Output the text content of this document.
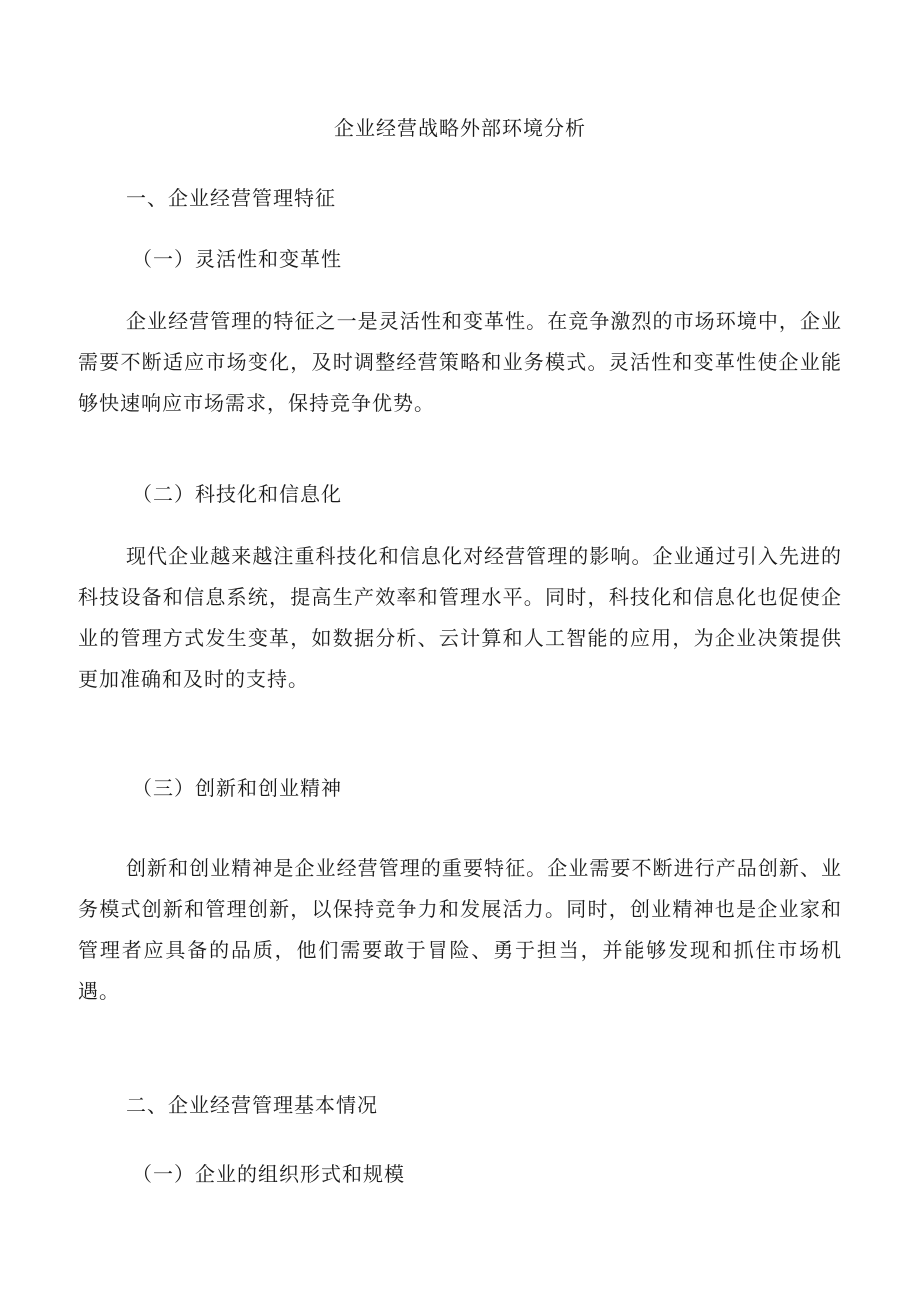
企业经营战略外部环境分析
一、企业经营管理特征
（一）灵活性和变革性
企业经营管理的特征之一是灵活性和变革性。在竞争激烈的市场环境中，企业需要不断适应市场变化，及时调整经营策略和业务模式。灵活性和变革性使企业能够快速响应市场需求，保持竞争优势。
（二）科技化和信息化
现代企业越来越注重科技化和信息化对经营管理的影响。企业通过引入先进的科技设备和信息系统，提高生产效率和管理水平。同时，科技化和信息化也促使企业的管理方式发生变革，如数据分析、云计算和人工智能的应用，为企业决策提供更加准确和及时的支持。
（三）创新和创业精神
创新和创业精神是企业经营管理的重要特征。企业需要不断进行产品创新、业务模式创新和管理创新，以保持竞争力和发展活力。同时，创业精神也是企业家和管理者应具备的品质，他们需要敢于冒险、勇于担当，并能够发现和抓住市场机遇。
二、企业经营管理基本情况
（一）企业的组织形式和规模
